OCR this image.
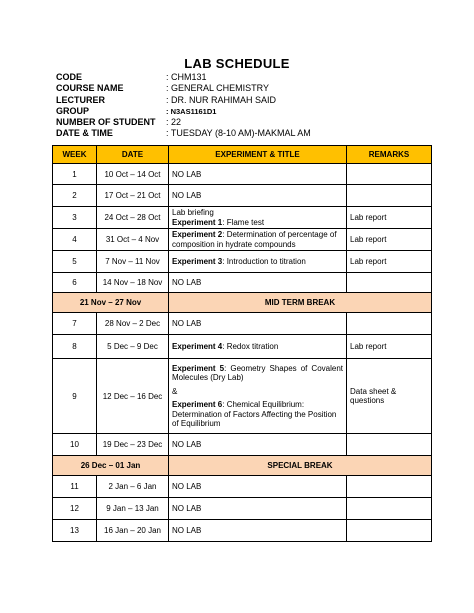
LAB SCHEDULE
CODE	: CHM131
COURSE NAME	: GENERAL CHEMISTRY
LECTURER	: DR. NUR RAHIMAH SAID
GROUP	: N3AS1161D1
NUMBER OF STUDENT	: 22
DATE & TIME	: TUESDAY (8-10 AM)-MAKMAL AM
WEEK	DATE	EXPERIMENT & TITLE	REMARKS
1	10 Oct – 14 Oct	NO LAB	
2	17 Oct – 21 Oct	NO LAB	
3	24 Oct – 28 Oct	Lab briefing
Experiment 1: Flame test	Lab report
4	31 Oct – 4 Nov	Experiment 2: Determination of percentage of composition in hydrate compounds	Lab report
5	7 Nov – 11 Nov	Experiment 3: Introduction to titration	Lab report
6	14 Nov – 18 Nov	NO LAB	
21 Nov – 27 Nov		MID TERM BREAK	
7	28 Nov – 2 Dec	NO LAB	
8	5 Dec – 9 Dec	Experiment 4: Redox titration	Lab report
9	12 Dec – 16 Dec	Experiment 5: Geometry Shapes of Covalent Molecules (Dry Lab)
&
Experiment 6: Chemical Equilibrium: Determination of Factors Affecting the Position of Equilibrium	Data sheet & questions
10	19 Dec – 23 Dec	NO LAB	
26 Dec – 01 Jan		SPECIAL BREAK	
11	2 Jan – 6 Jan	NO LAB	
12	9 Jan – 13 Jan	NO LAB	
13	16 Jan – 20 Jan	NO LAB	
